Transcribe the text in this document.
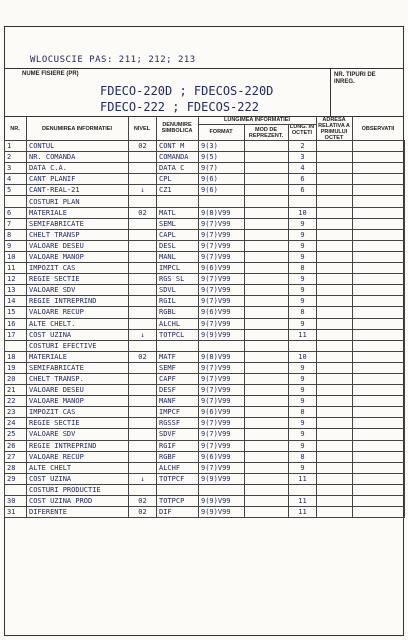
WLOCUSCIE PAS: 211; 212; 213
NUME FISIERE (PR)
FDECO-220D ; FDECOS-220D
FDECO-222 ; FDECOS-222
NR. TIPURI DE INREG.
NR.	DENUMIREA INFORMATIEI	NIVEL
DENUMIRE SIMBOLICA
LUNGIMEA INFORMATIEI
FORMAT	MOD DE REPREZENT.
LUNG. IN OCTETI
ADRESA RELATIVA A PRIMULUI OCTET
OBSERVATII
1	CONTUL	02	CONT M	9(3)		2		
2	NR. COMANDA		COMANDA	9(5)		3		
3	DATA C.A.		DATA C	9(7)		4		
4	CANT PLANIF		CPL	9(6)		6		
5	CANT-REAL-21	↓	CZ1	9(6)		6		
	COSTURI PLAN							
6	MATERIALE	02	MATL	9(8)V99		10		
7	SEMIFABRICATE		SEML	9(7)V99		9		
8	CHELT TRANSP		CAPL	9(7)V99		9		
9	VALOARE DESEU		DESL	9(7)V99		9		
10	VALOARE MANOP		MANL	9(7)V99		9		
11	IMPOZIT CAS		IMPCL	9(6)V99		8		
12	REGIE SECTIE		RGS SL	9(7)V99		9		
13	VALOARE SDV		SDVL	9(7)V99		9		
14	REGIE INTREPRIND		RGIL	9(7)V99		9		
15	VALOARE RECUP		RGBL	9(6)V99		8		
16	ALTE CHELT.		ALCHL	9(7)V99		9		
17	COST UZINA	↓	TOTPCL	9(9)V99		11		
	COSTURI EFECTIVE							
18	MATERIALE	02	MATF	9(8)V99		10		
19	SEMIFABRICATE		SEMF	9(7)V99		9		
20	CHELT TRANSP.		CAPF	9(7)V99		9		
21	VALOARE DESEU		DESF	9(7)V99		9		
22	VALOARE MANOP		MANF	9(7)V99		9		
23	IMPOZIT CAS		IMPCF	9(6)V99		8		
24	REGIE SECTIE		RGSSF	9(7)V99		9		
25	VALOARE SDV		SDVF	9(7)V99		9		
26	REGIE INTREPRIND		RGIF	9(7)V99		9		
27	VALOARE RECUP		RGBF	9(6)V99		8		
28	ALTE CHELT		ALCHF	9(7)V99		9		
29	COST UZINA	↓	TOTPCF	9(9)V99		11		
	COSTURI PRODUCTIE							
30	COST UZINA PROD	02	TOTPCP	9(9)V99		11		
31	DIFERENTE	02	DIF	9(9)V99		11		
